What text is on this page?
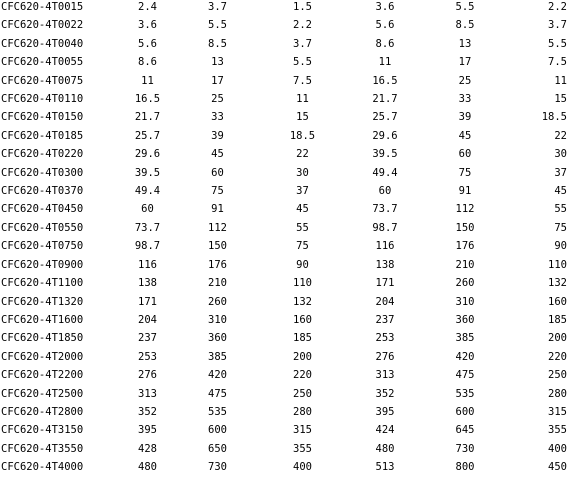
CFC620-4T0015	2.4	3.7	1.5	3.6	5.5	2.2
CFC620-4T0022	3.6	5.5	2.2	5.6	8.5	3.7
CFC620-4T0040	5.6	8.5	3.7	8.6	13	5.5
CFC620-4T0055	8.6	13	5.5	11	17	7.5
CFC620-4T0075	11	17	7.5	16.5	25	11
CFC620-4T0110	16.5	25	11	21.7	33	15
CFC620-4T0150	21.7	33	15	25.7	39	18.5
CFC620-4T0185	25.7	39	18.5	29.6	45	22
CFC620-4T0220	29.6	45	22	39.5	60	30
CFC620-4T0300	39.5	60	30	49.4	75	37
CFC620-4T0370	49.4	75	37	60	91	45
CFC620-4T0450	60	91	45	73.7	112	55
CFC620-4T0550	73.7	112	55	98.7	150	75
CFC620-4T0750	98.7	150	75	116	176	90
CFC620-4T0900	116	176	90	138	210	110
CFC620-4T1100	138	210	110	171	260	132
CFC620-4T1320	171	260	132	204	310	160
CFC620-4T1600	204	310	160	237	360	185
CFC620-4T1850	237	360	185	253	385	200
CFC620-4T2000	253	385	200	276	420	220
CFC620-4T2200	276	420	220	313	475	250
CFC620-4T2500	313	475	250	352	535	280
CFC620-4T2800	352	535	280	395	600	315
CFC620-4T3150	395	600	315	424	645	355
CFC620-4T3550	428	650	355	480	730	400
CFC620-4T4000	480	730	400	513	800	450
